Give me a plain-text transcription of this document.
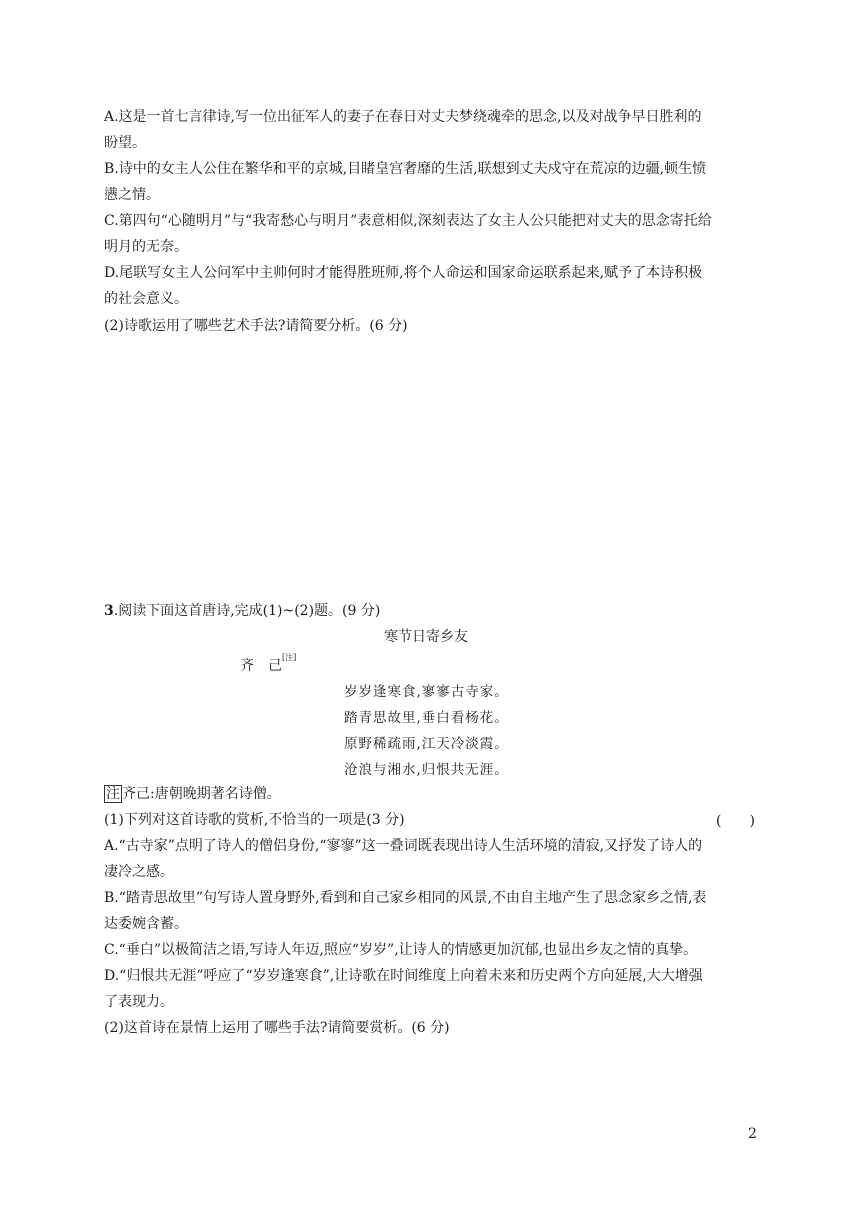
A.这是一首七言律诗,写一位出征军人的妻子在春日对丈夫梦绕魂牵的思念,以及对战争早日胜利的
盼望。
B.诗中的女主人公住在繁华和平的京城,目睹皇宫奢靡的生活,联想到丈夫戍守在荒凉的边疆,顿生愤
懑之情。
C.第四句“心随明月”与“我寄愁心与明月”表意相似,深刻表达了女主人公只能把对丈夫的思念寄托给
明月的无奈。
D.尾联写女主人公问军中主帅何时才能得胜班师,将个人命运和国家命运联系起来,赋予了本诗积极
的社会意义。
(2)诗歌运用了哪些艺术手法?请简要分析。(6 分)
3.阅读下面这首唐诗,完成(1)~(2)题。(9 分)
寒节日寄乡友
齐　己[注]
岁岁逢寒食,寥寥古寺家。
踏青思故里,垂白看杨花。
原野稀疏雨,江天冷淡霞。
沧浪与湘水,归恨共无涯。
注 齐己:唐朝晚期著名诗僧。
(1)下列对这首诗歌的赏析,不恰当的一项是(3 分)	(　　)
A.“古寺家”点明了诗人的僧侣身份,“寥寥”这一叠词既表现出诗人生活环境的清寂,又抒发了诗人的
凄冷之感。
B.“踏青思故里”句写诗人置身野外,看到和自己家乡相同的风景,不由自主地产生了思念家乡之情,表
达委婉含蓄。
C.“垂白”以极简洁之语,写诗人年迈,照应“岁岁”,让诗人的情感更加沉郁,也显出乡友之情的真挚。
D.“归恨共无涯”呼应了“岁岁逢寒食”,让诗歌在时间维度上向着未来和历史两个方向延展,大大增强
了表现力。
(2)这首诗在景情上运用了哪些手法?请简要赏析。(6 分)
2
